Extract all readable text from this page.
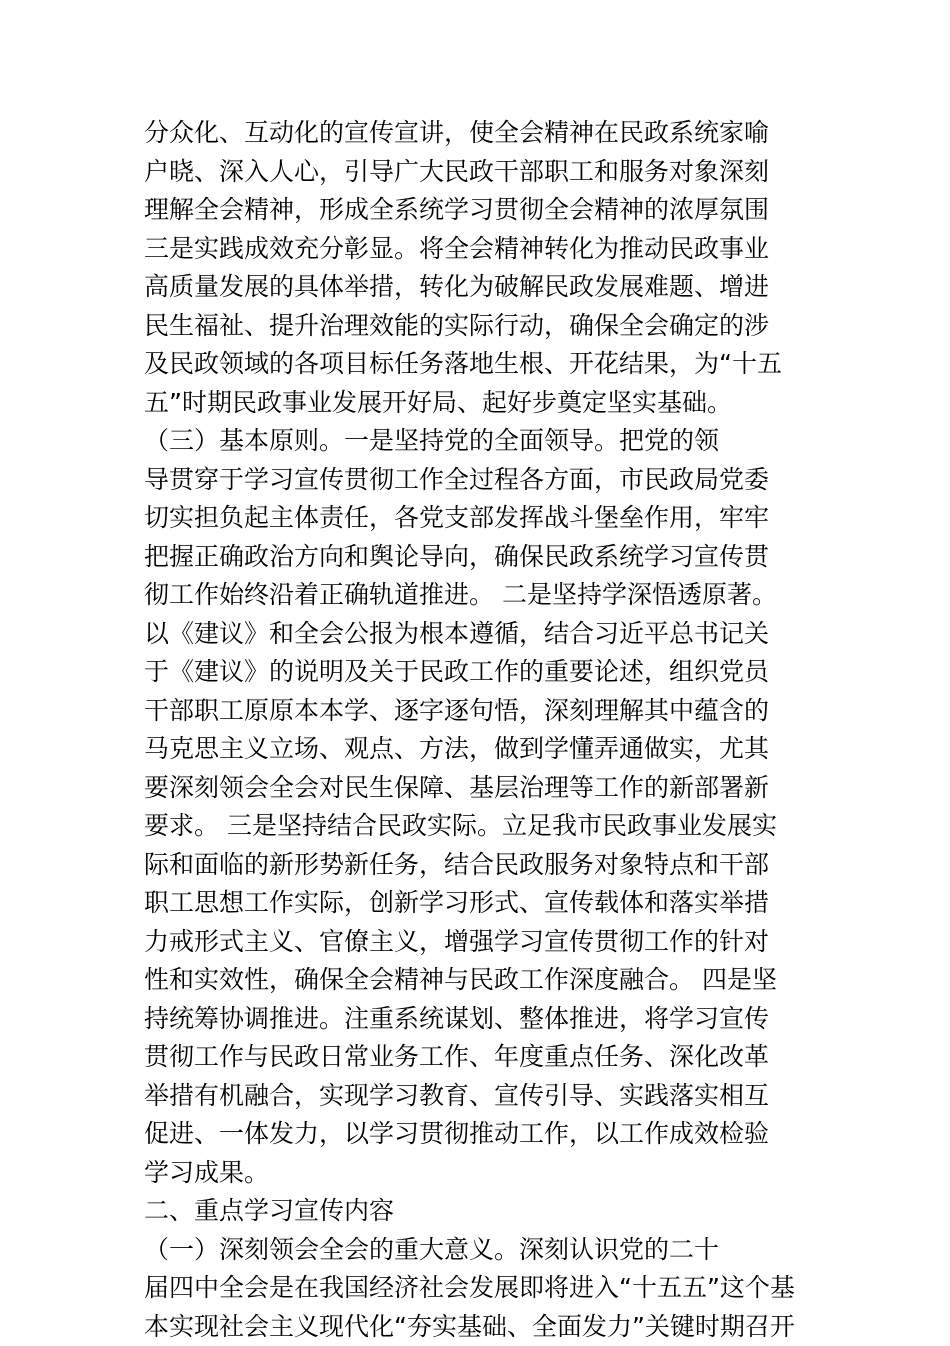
分众化、互动化的宣传宣讲，使全会精神在民政系统家喻
户晓、深入人心，引导广大民政干部职工和服务对象深刻
理解全会精神，形成全系统学习贯彻全会精神的浓厚氛围
三是实践成效充分彰显。将全会精神转化为推动民政事业
高质量发展的具体举措，转化为破解民政发展难题、增进
民生福祉、提升治理效能的实际行动，确保全会确定的涉
及民政领域的各项目标任务落地生根、开花结果，为“十五
五”时期民政事业发展开好局、起好步奠定坚实基础。
（三）基本原则。一是坚持党的全面领导。把党的领
导贯穿于学习宣传贯彻工作全过程各方面，市民政局党委
切实担负起主体责任，各党支部发挥战斗堡垒作用，牢牢
把握正确政治方向和舆论导向，确保民政系统学习宣传贯
彻工作始终沿着正确轨道推进。 二是坚持学深悟透原著。
以《建议》和全会公报为根本遵循，结合习近平总书记关
于《建议》的说明及关于民政工作的重要论述，组织党员
干部职工原原本本学、逐字逐句悟，深刻理解其中蕴含的
马克思主义立场、观点、方法，做到学懂弄通做实，尤其
要深刻领会全会对民生保障、基层治理等工作的新部署新
要求。 三是坚持结合民政实际。立足我市民政事业发展实
际和面临的新形势新任务，结合民政服务对象特点和干部
职工思想工作实际，创新学习形式、宣传载体和落实举措
力戒形式主义、官僚主义，增强学习宣传贯彻工作的针对
性和实效性，确保全会精神与民政工作深度融合。 四是坚
持统筹协调推进。注重系统谋划、整体推进，将学习宣传
贯彻工作与民政日常业务工作、年度重点任务、深化改革
举措有机融合，实现学习教育、宣传引导、实践落实相互
促进、一体发力，以学习贯彻推动工作，以工作成效检验
学习成果。
二、重点学习宣传内容
（一）深刻领会全会的重大意义。深刻认识党的二十
届四中全会是在我国经济社会发展即将进入“十五五”这个基
本实现社会主义现代化“夯实基础、全面发力”关键时期召开
